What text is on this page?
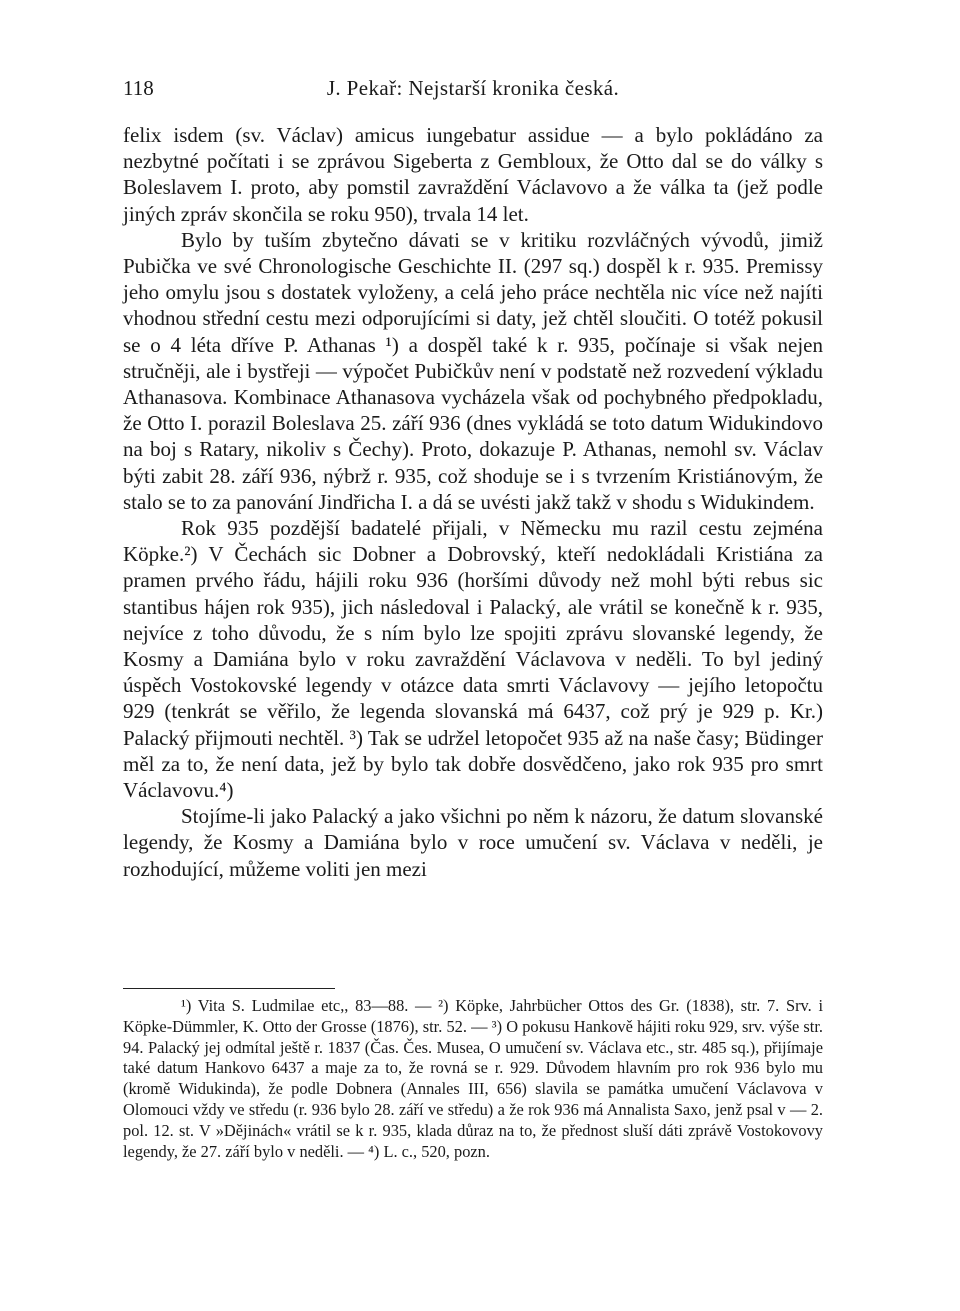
118	J. Pekař: Nejstarší kronika česká.

felix isdem (sv. Václav) amicus iungebatur assidue — a bylo pokládáno za nezbytné počítati i se zprávou Sigeberta z Gembloux, že Otto dal se do války s Boleslavem I. proto, aby pomstil zavraždění Václavovo a že válka ta (jež podle jiných zpráv skončila se roku 950), trvala 14 let.

Bylo by tuším zbytečno dávati se v kritiku rozvláčných vývodů, jimiž Pubička ve své Chronologische Geschichte II. (297 sq.) dospěl k r. 935. Premissy jeho omylu jsou s dostatek vyloženy, a celá jeho práce nechtěla nic více než najíti vhodnou střední cestu mezi odporujícími si daty, jež chtěl sloučiti. O totéž pokusil se o 4 léta dříve P. Athanas ¹) a dospěl také k r. 935, počínaje si však nejen stručněji, ale i bystřeji — výpočet Pubičkův není v podstatě než rozvedení výkladu Athanasova. Kombinace Athanasova vycházela však od pochybného předpokladu, že Otto I. porazil Boleslava 25. září 936 (dnes vykládá se toto datum Widukindovo na boj s Ratary, nikoliv s Čechy). Proto, dokazuje P. Athanas, nemohl sv. Václav býti zabit 28. září 936, nýbrž r. 935, což shoduje se i s tvrzením Kristiánovým, že stalo se to za panování Jindřicha I. a dá se uvésti jakž takž v shodu s Widukindem.

Rok 935 pozdější badatelé přijali, v Německu mu razil cestu zejména Köpke.²) V Čechách sic Dobner a Dobrovský, kteří nedokládali Kristiána za pramen prvého řádu, hájili roku 936 (horšími důvody než mohl býti rebus sic stantibus hájen rok 935), jich následoval i Palacký, ale vrátil se konečně k r. 935, nejvíce z toho důvodu, že s ním bylo lze spojiti zprávu slovanské legendy, že Kosmy a Damiána bylo v roku zavraždění Václavova v neděli. To byl jediný úspěch Vostokovské legendy v otázce data smrti Václavovy — jejího letopočtu 929 (tenkrát se věřilo, že legenda slovanská má 6437, což prý je 929 p. Kr.) Palacký přijmouti nechtěl. ³) Tak se udržel letopočet 935 až na naše časy; Büdinger měl za to, že není data, jež by bylo tak dobře dosvědčeno, jako rok 935 pro smrt Václavovu.⁴)

Stojíme-li jako Palacký a jako všichni po něm k názoru, že datum slovanské legendy, že Kosmy a Damiána bylo v roce umučení sv. Václava v neděli, je rozhodující, můžeme voliti jen mezi

¹) Vita S. Ludmilae etc,, 83—88. — ²) Köpke, Jahrbücher Ottos des Gr. (1838), str. 7. Srv. i Köpke-Dümmler, K. Otto der Grosse (1876), str. 52. — ³) O pokusu Hankově hájiti roku 929, srv. výše str. 94. Palacký jej odmítal ještě r. 1837 (Čas. Čes. Musea, O umučení sv. Václava etc., str. 485 sq.), přijímaje také datum Hankovo 6437 a maje za to, že rovná se r. 929. Důvodem hlavním pro rok 936 bylo mu (kromě Widukinda), že podle Dobnera (Annales III, 656) slavila se památka umučení Václavova v Olomouci vždy ve středu (r. 936 bylo 28. září ve středu) a že rok 936 má Annalista Saxo, jenž psal v — 2. pol. 12. st. V »Dějinách« vrátil se k r. 935, klada důraz na to, že přednost sluší dáti zprávě Vostokovovy legendy, že 27. září bylo v neděli. — ⁴) L. c., 520, pozn.
